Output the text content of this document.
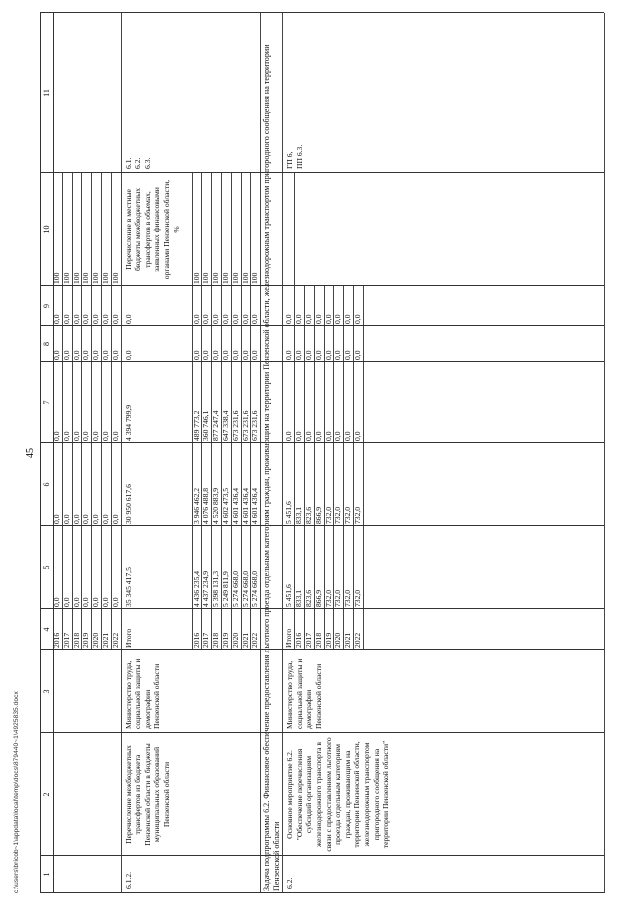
45
c:\users\bricob~1\appdata\local\temp\docs\879440~1\4925835.docx	1
2
3
4
5
6
7
8
9
10
11
2016
0,0
0,0
0,0
0,0
0,0
100
2017
0,0
0,0
0,0
0,0
0,0
100
2018
0,0
0,0
0,0
0,0
0,0
100
2019
0,0
0,0
0,0
0,0
0,0
100
2020
0,0
0,0
0,0
0,0
0,0
100
2021
0,0
0,0
0,0
0,0
0,0
100
2022
0,0
0,0
0,0
0,0
0,0
100
6.1.2.
Перечисление межбюджетных трансфертов из бюджета Пензенской области в бюджеты муниципальных образований Пензенской области
Министерство труда, социальной защиты и демографии Пензенской области
Перечисление в местные бюджеты межбюджетных трансфертов в объемах, заявленных финансовыми органами Пензенской области, %
6.1.
6.2.
6.3.
Итого
35 345 417,5
30 950 617,6
4 394 799,9
0,0
0,0
2016
4 436 235,4
3 946 462,2
489 773,2
0,0
0,0
100
2017
4 437 234,9
4 076 488,8
360 746,1
0,0
0,0
100
2018
5 398 131,3
4 520 883,9
877 247,4
0,0
0,0
100
2019
5 249 811,9
4 602 473,5
647 338,4
0,0
0,0
100
2020
5 274 668,0
4 601 436,4
673 231,6
0,0
0,0
100
2021
5 274 668,0
4 601 436,4
673 231,6
0,0
0,0
100
2022
5 274 668,0
4 601 436,4
673 231,6
0,0
0,0
100 Задача подпрограммы 6.2. Финансовое обеспечение предоставления льготного проезда отдельным категориям граждан, проживающим на территории Пензенской области, железнодорожным транспортом пригородного сообщения на территории Пензенской области 6.2.
Основное мероприятие 6.2. "Обеспечение перечисления субсидий организациям железнодорожного транспорта в связи с предоставлением льготного проезда отдельным категориям граждан, проживающим на территории Пензенской области, железнодорожным транспортом пригородного сообщения на территории Пензенской области"
Министерство труда, социальной защиты и демографии Пензенской области
ГП 6,
ПП 6.3.
Итого
5 451,6
5 451,6
0,0
0,0
0,0
2016
833,1
833,1
0,0
0,0
0,0
2017
823,6
823,6
0,0
0,0
0,0
2018
866,9
866,9
0,0
0,0
0,0
2019
732,0
732,0
0,0
0,0
0,0
2020
732,0
732,0
0,0
0,0
0,0
2021
732,0
732,0
0,0
0,0
0,0
2022
732,0
732,0
0,0
0,0
0,0
